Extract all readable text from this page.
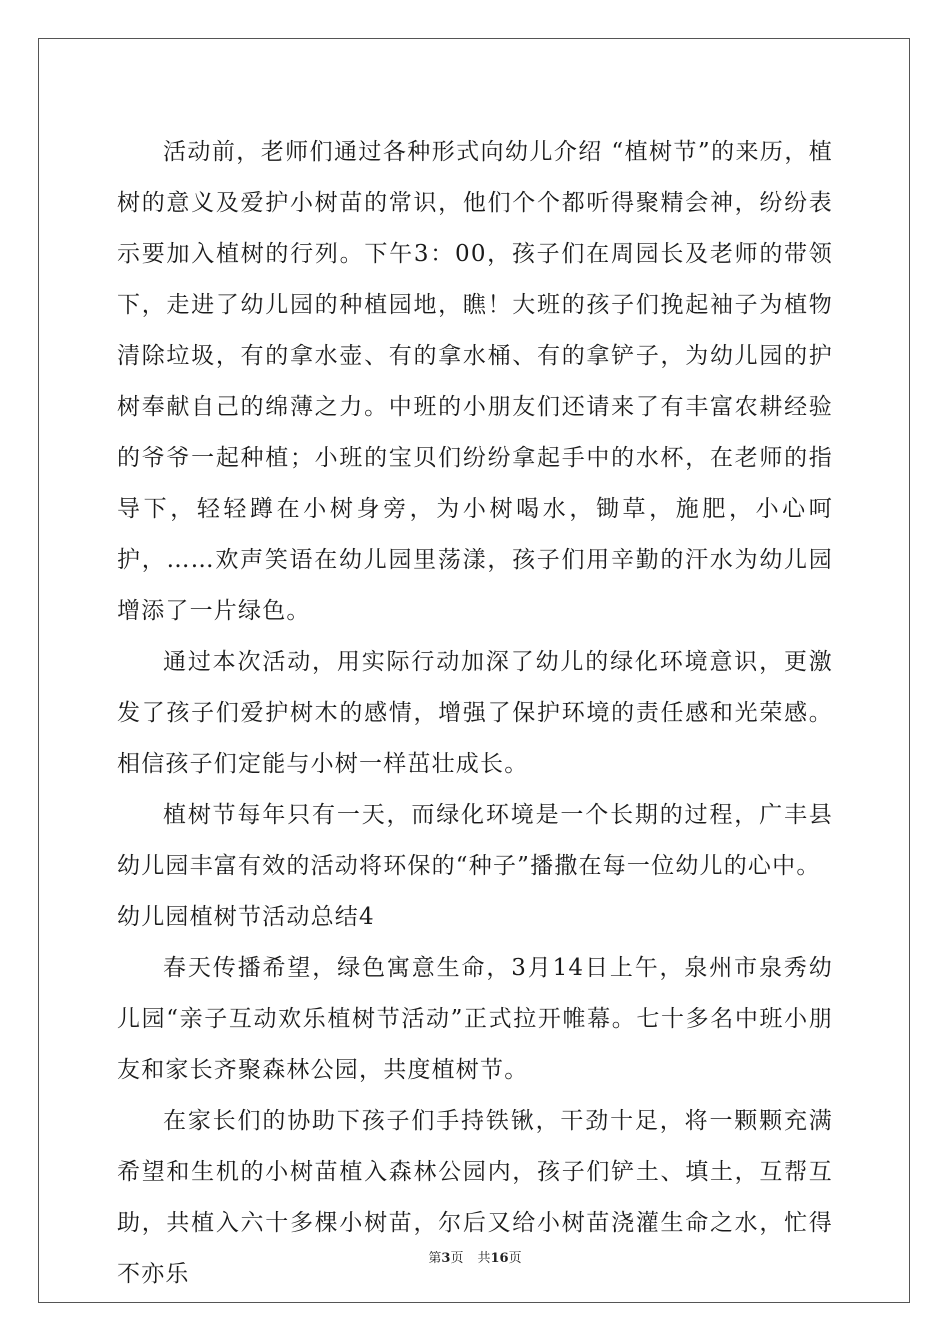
活动前，老师们通过各种形式向幼儿介绍 “植树节”的来历，植树的意义及爱护小树苗的常识，他们个个都听得聚精会神，纷纷表示要加入植树的行列。下午3：00，孩子们在周园长及老师的带领下，走进了幼儿园的种植园地，瞧！大班的孩子们挽起袖子为植物清除垃圾，有的拿水壶、有的拿水桶、有的拿铲子，为幼儿园的护树奉献自己的绵薄之力。中班的小朋友们还请来了有丰富农耕经验的爷爷一起种植；小班的宝贝们纷纷拿起手中的水杯，在老师的指导下，轻轻蹲在小树身旁，为小树喝水，锄草，施肥，小心呵护，……欢声笑语在幼儿园里荡漾，孩子们用辛勤的汗水为幼儿园增添了一片绿色。

通过本次活动，用实际行动加深了幼儿的绿化环境意识，更激发了孩子们爱护树木的感情，增强了保护环境的责任感和光荣感。相信孩子们定能与小树一样茁壮成长。

植树节每年只有一天，而绿化环境是一个长期的过程，广丰县幼儿园丰富有效的活动将环保的“种子”播撒在每一位幼儿的心中。

幼儿园植树节活动总结4

春天传播希望，绿色寓意生命，3月14日上午，泉州市泉秀幼儿园“亲子互动欢乐植树节活动”正式拉开帷幕。七十多名中班小朋友和家长齐聚森林公园，共度植树节。

在家长们的协助下孩子们手持铁锹，干劲十足，将一颗颗充满希望和生机的小树苗植入森林公园内，孩子们铲土、填土，互帮互助，共植入六十多棵小树苗，尔后又给小树苗浇灌生命之水，忙得不亦乐

第3页 共16页
